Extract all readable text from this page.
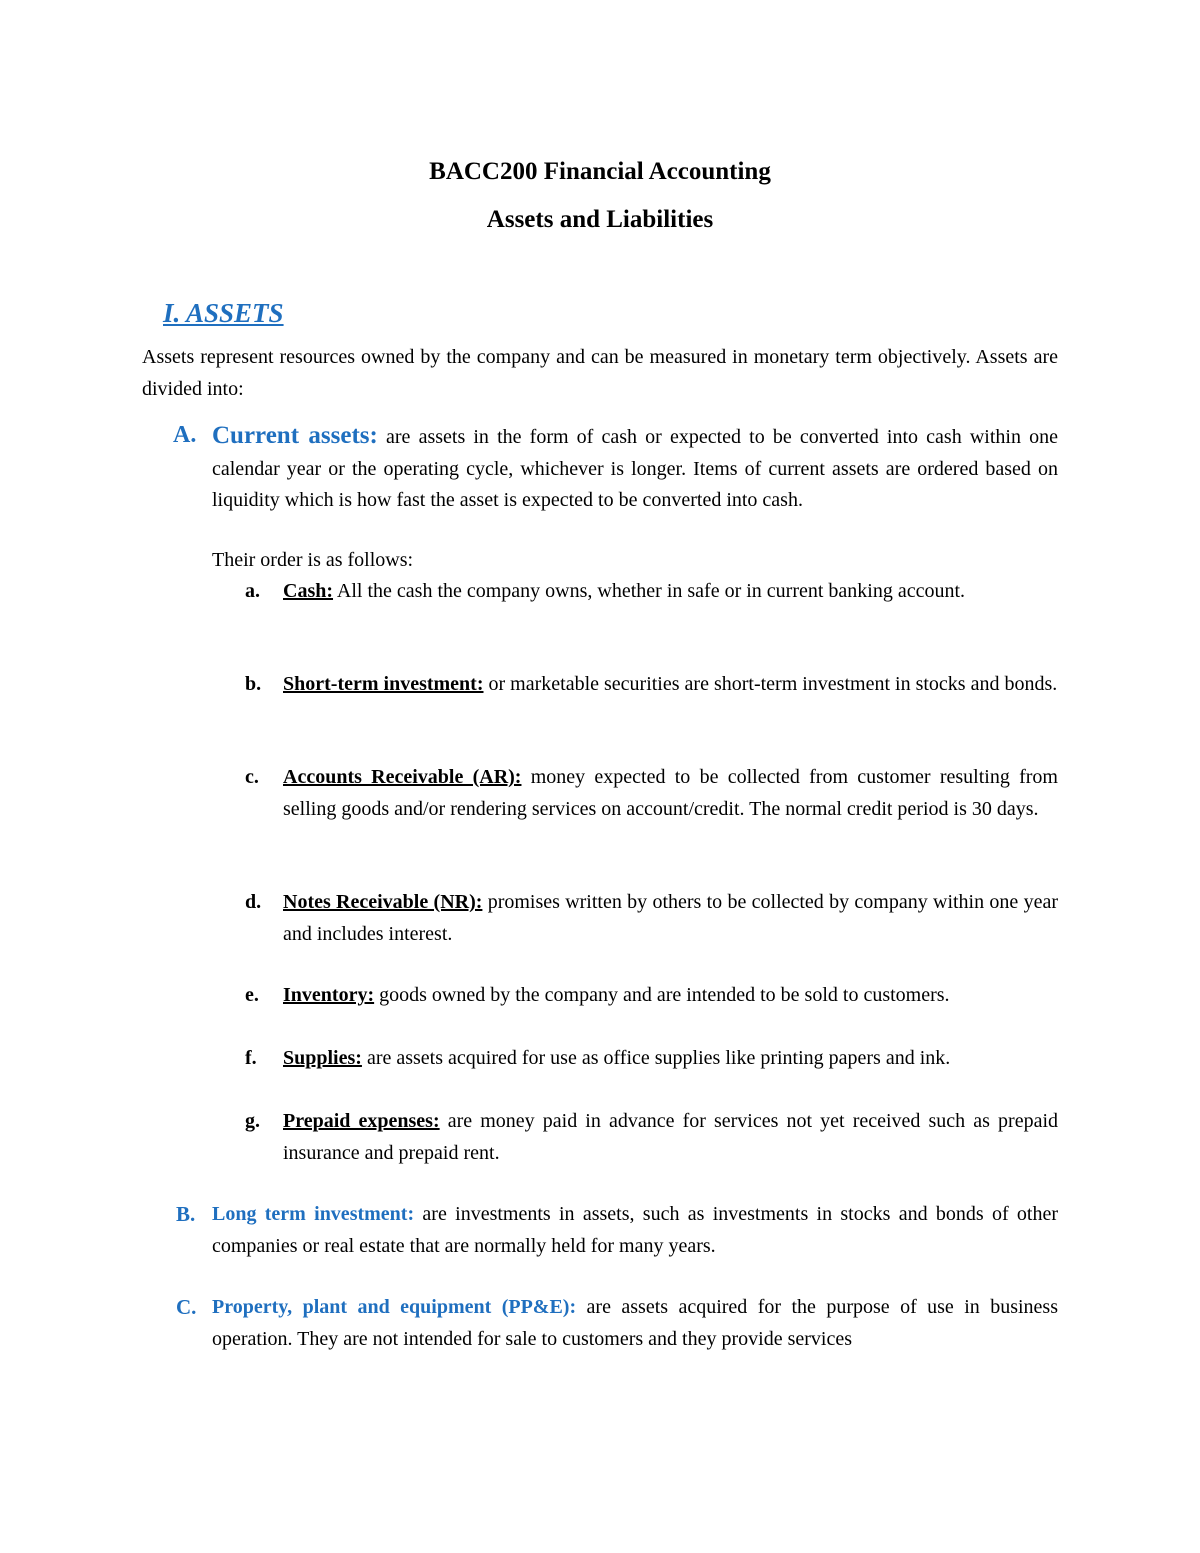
BACC200 Financial Accounting
Assets and Liabilities
I. ASSETS
Assets represent resources owned by the company and can be measured in monetary term objectively. Assets are divided into:
A. Current assets: are assets in the form of cash or expected to be converted into cash within one calendar year or the operating cycle, whichever is longer. Items of current assets are ordered based on liquidity which is how fast the asset is expected to be converted into cash.
Their order is as follows:
a. Cash: All the cash the company owns, whether in safe or in current banking account.
b. Short-term investment: or marketable securities are short-term investment in stocks and bonds.
c. Accounts Receivable (AR): money expected to be collected from customer resulting from selling goods and/or rendering services on account/credit. The normal credit period is 30 days.
d. Notes Receivable (NR): promises written by others to be collected by company within one year and includes interest.
e. Inventory: goods owned by the company and are intended to be sold to customers.
f. Supplies: are assets acquired for use as office supplies like printing papers and ink.
g. Prepaid expenses: are money paid in advance for services not yet received such as prepaid insurance and prepaid rent.
B. Long term investment: are investments in assets, such as investments in stocks and bonds of other companies or real estate that are normally held for many years.
C. Property, plant and equipment (PP&E): are assets acquired for the purpose of use in business operation. They are not intended for sale to customers and they provide services
